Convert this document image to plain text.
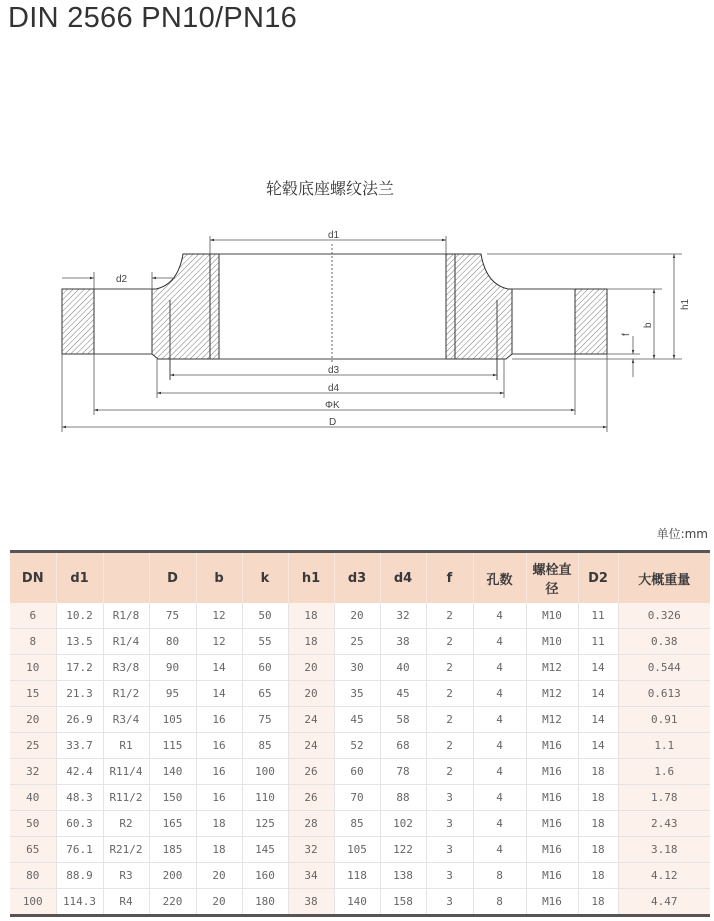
DIN 2566 PN10/PN16
轮毂底座螺纹法兰
d1
d2
d3
d4
ΦK
D
h1
b
f
单位:mm
DN	d1		D	b	k	h1	d3	d4	f	孔数	螺栓直径	D2	大概重量
6	10.2	R1/8	75	12	50	18	20	32	2	4	M10	11	0.326
8	13.5	R1/4	80	12	55	18	25	38	2	4	M10	11	0.38
10	17.2	R3/8	90	14	60	20	30	40	2	4	M12	14	0.544
15	21.3	R1/2	95	14	65	20	35	45	2	4	M12	14	0.613
20	26.9	R3/4	105	16	75	24	45	58	2	4	M12	14	0.91
25	33.7	R1	115	16	85	24	52	68	2	4	M16	14	1.1
32	42.4	R11/4	140	16	100	26	60	78	2	4	M16	18	1.6
40	48.3	R11/2	150	16	110	26	70	88	3	4	M16	18	1.78
50	60.3	R2	165	18	125	28	85	102	3	4	M16	18	2.43
65	76.1	R21/2	185	18	145	32	105	122	3	4	M16	18	3.18
80	88.9	R3	200	20	160	34	118	138	3	8	M16	18	4.12
100	114.3	R4	220	20	180	38	140	158	3	8	M16	18	4.47
